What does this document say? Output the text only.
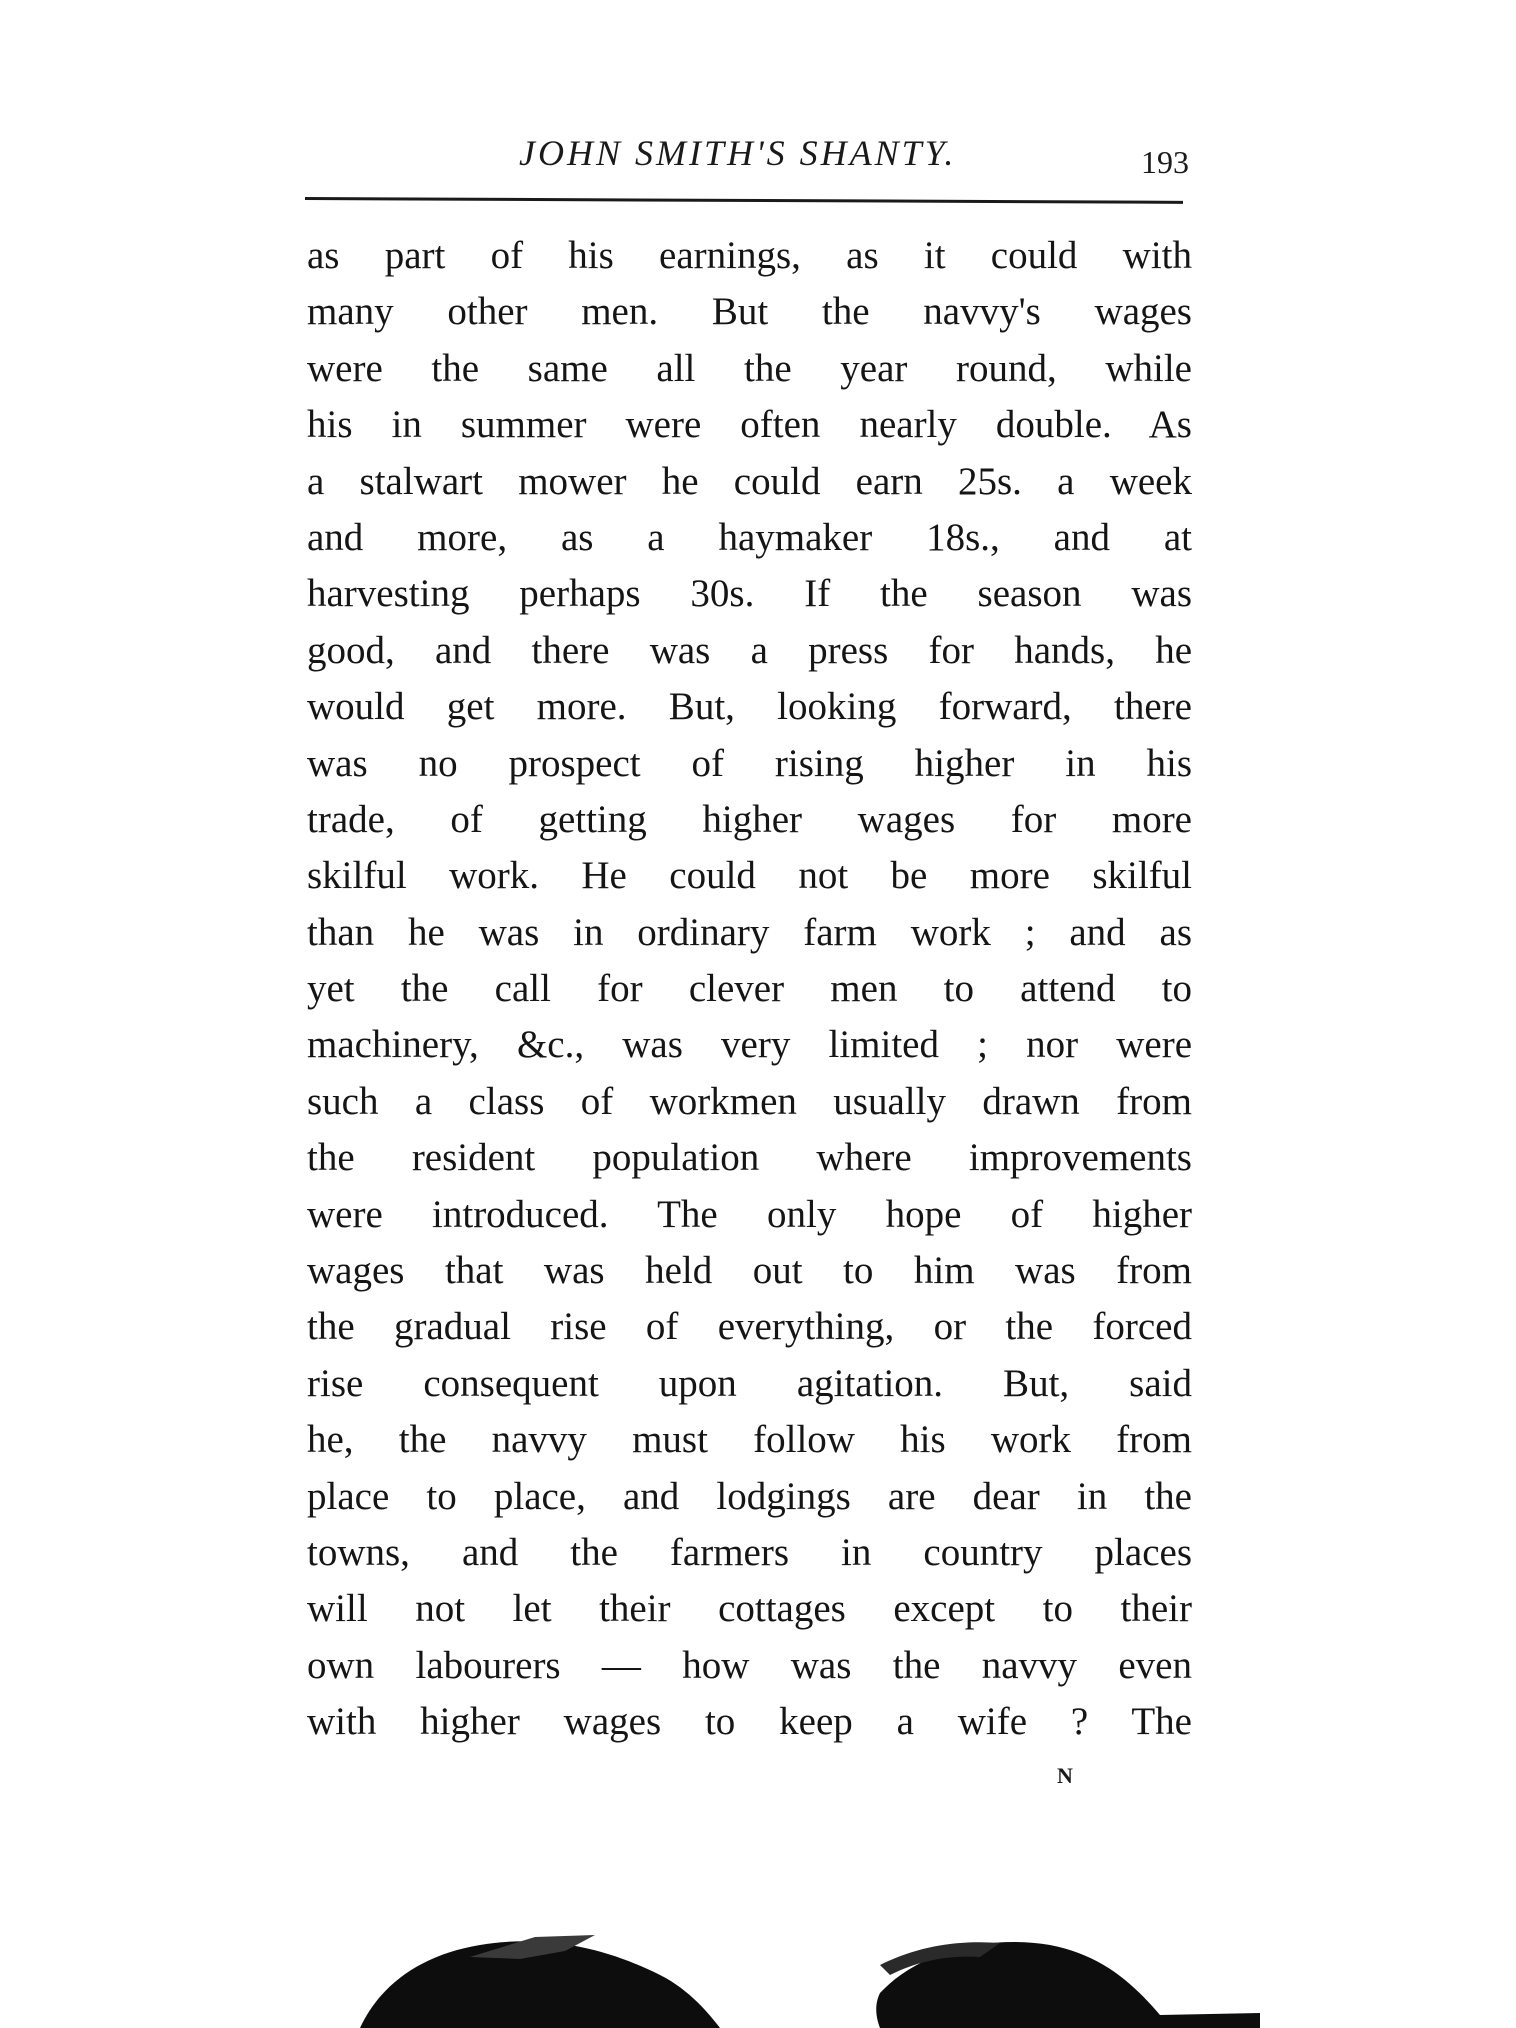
JOHN SMITH'S SHANTY.	193
as part of his earnings, as it could with
many other men. But the navvy's wages
were the same all the year round, while
his in summer were often nearly double. As
a stalwart mower he could earn 25s. a week
and more, as a haymaker 18s., and at
harvesting perhaps 30s. If the season was
good, and there was a press for hands, he
would get more. But, looking forward, there
was no prospect of rising higher in his
trade, of getting higher wages for more
skilful work. He could not be more skilful
than he was in ordinary farm work ; and as
yet the call for clever men to attend to
machinery, &c., was very limited ; nor were
such a class of workmen usually drawn from
the resident population where improvements
were introduced. The only hope of higher
wages that was held out to him was from
the gradual rise of everything, or the forced
rise consequent upon agitation. But, said
he, the navvy must follow his work from
place to place, and lodgings are dear in the
towns, and the farmers in country places
will not let their cottages except to their
own labourers — how was the navvy even
with higher wages to keep a wife ? The
N
